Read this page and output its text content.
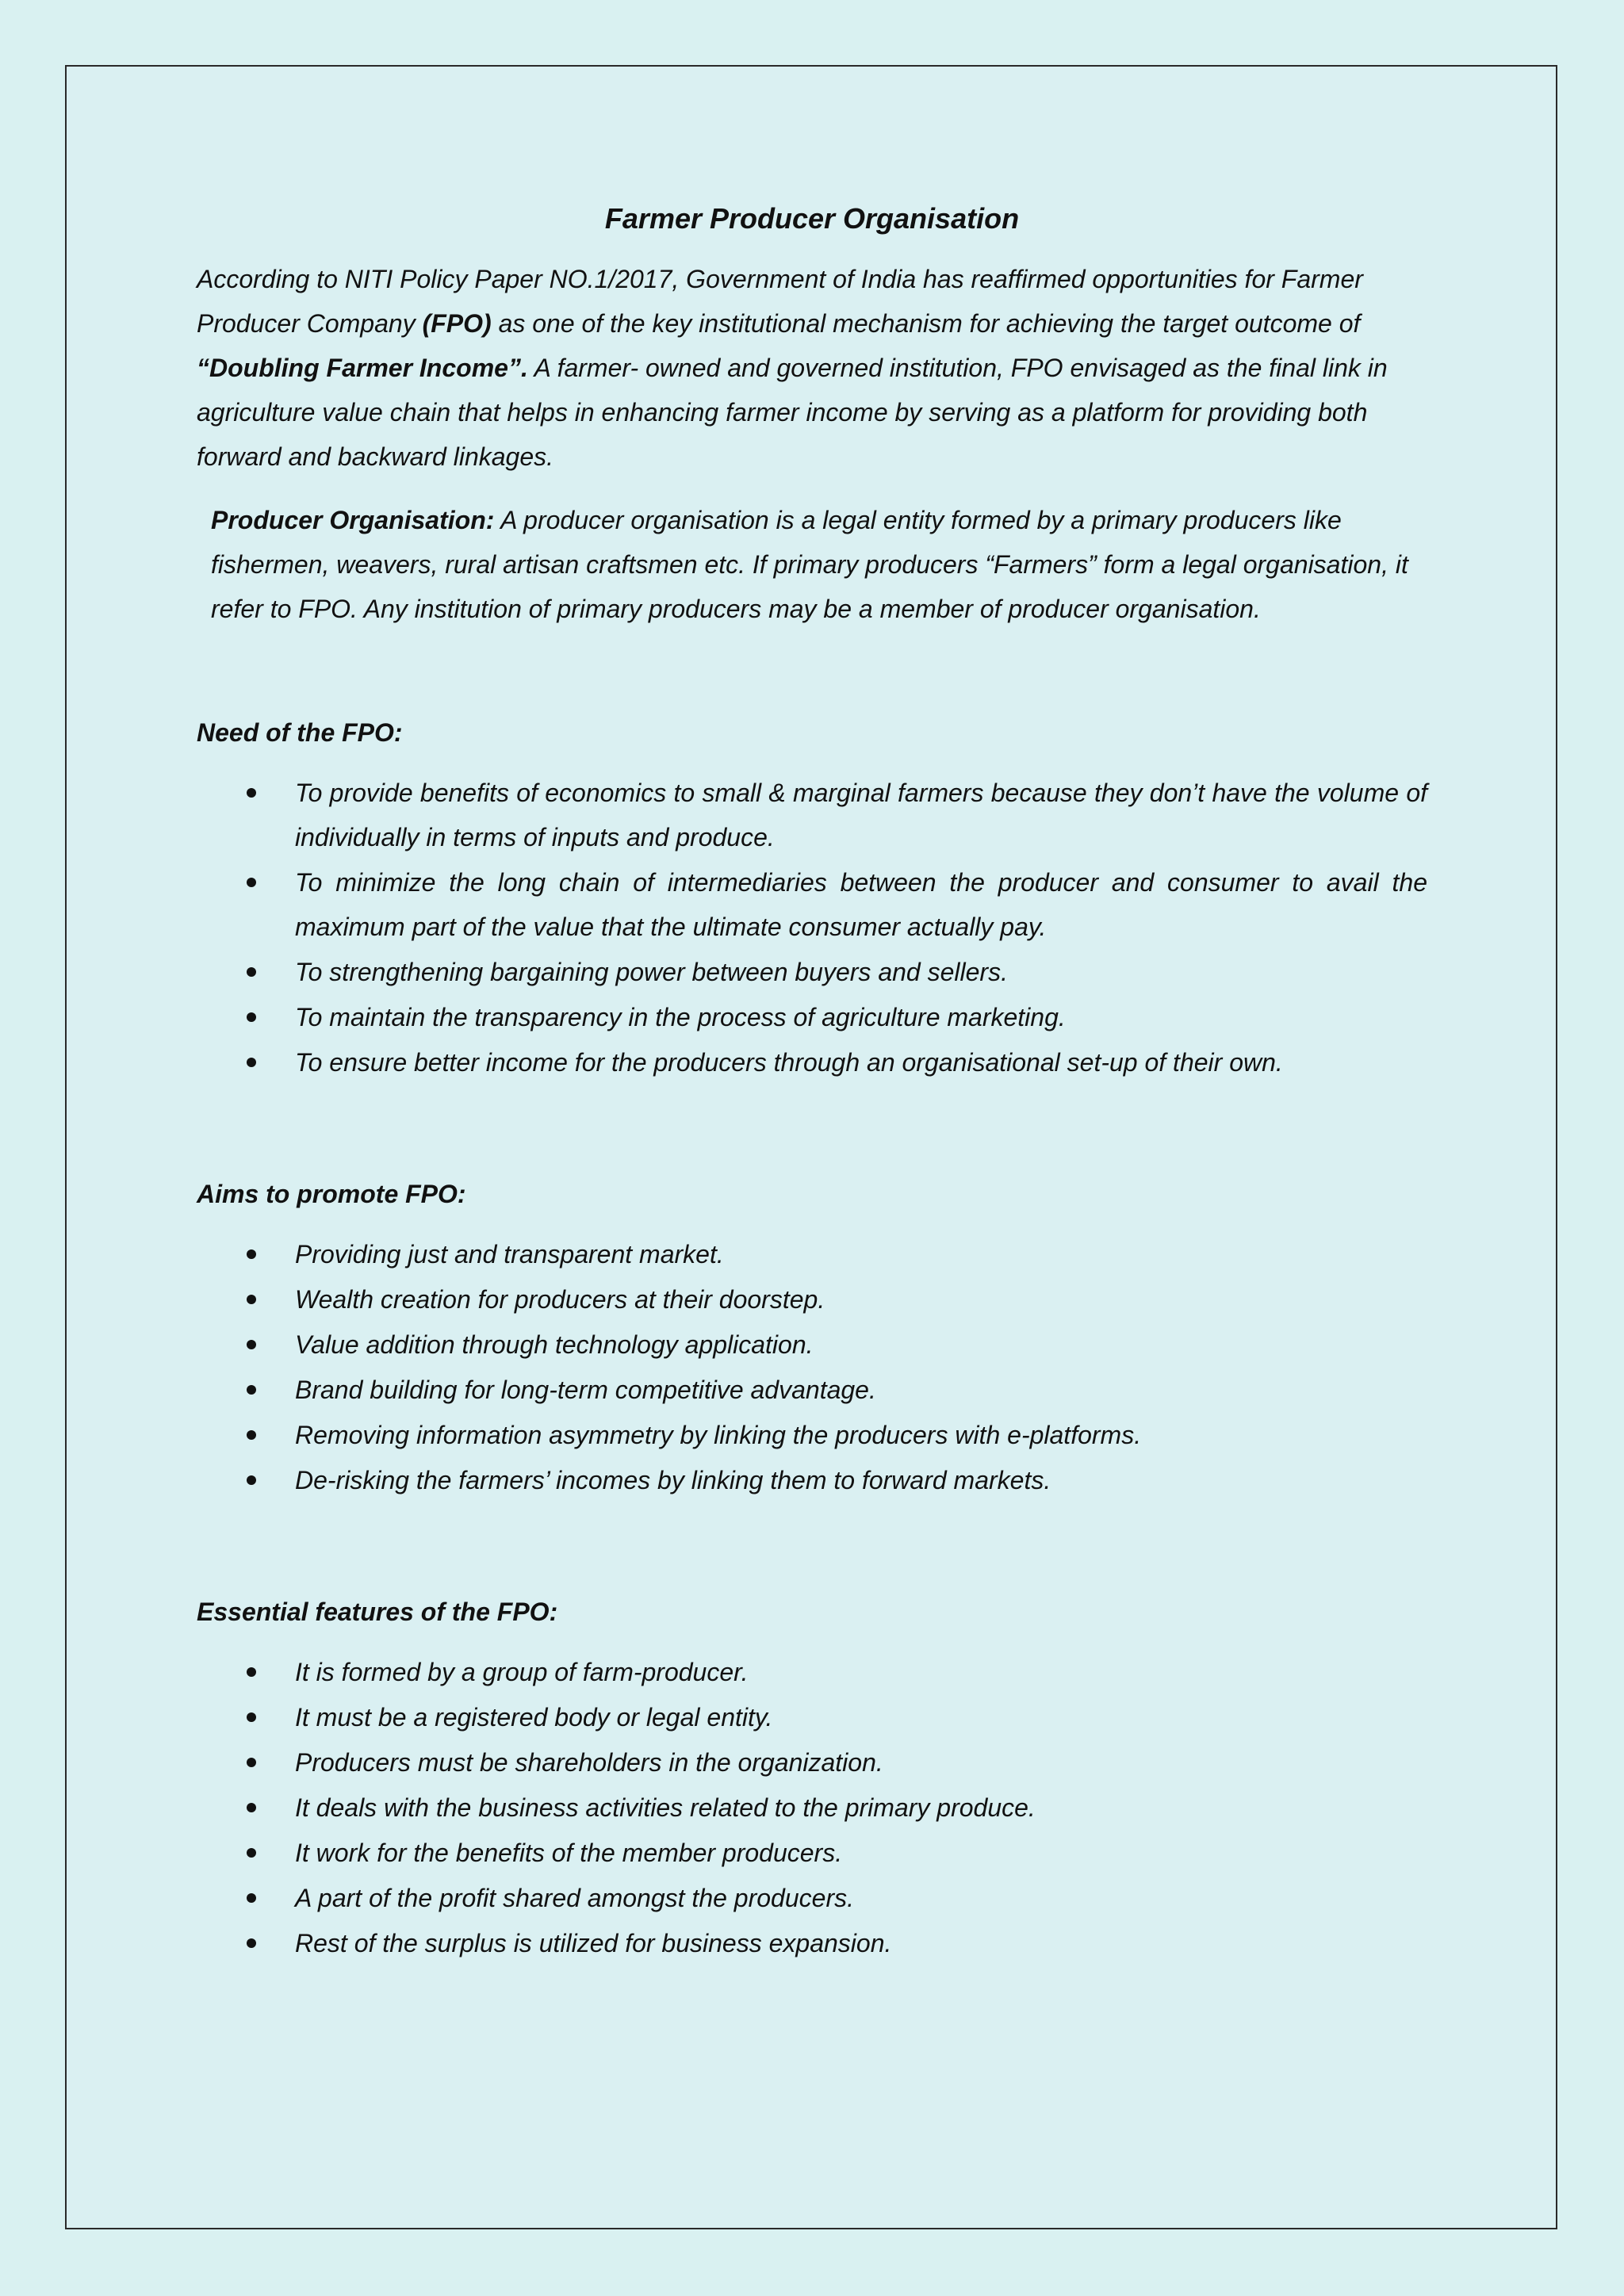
Farmer Producer Organisation

According to NITI Policy Paper NO.1/2017, Government of India has reaffirmed opportunities for Farmer Producer Company (FPO) as one of the key institutional mechanism for achieving the target outcome of “Doubling Farmer Income”. A farmer- owned and governed institution, FPO envisaged as the final link in agriculture value chain that helps in enhancing farmer income by serving as a platform for providing both forward and backward linkages.

Producer Organisation: A producer organisation is a legal entity formed by a primary producers like fishermen, weavers, rural artisan craftsmen etc. If primary producers “Farmers” form a legal organisation, it refer to FPO. Any institution of primary producers may be a member of producer organisation.

Need of the FPO:
To provide benefits of economics to small & marginal farmers because they don’t have the volume of individually in terms of inputs and produce.
To minimize the long chain of intermediaries between the producer and consumer to avail the maximum part of the value that the ultimate consumer actually pay.
To strengthening bargaining power between buyers and sellers.
To maintain the transparency in the process of agriculture marketing.
To ensure better income for the producers through an organisational set-up of their own.
Aims to promote FPO:
Providing just and transparent market.
Wealth creation for producers at their doorstep.
Value addition through technology application.
Brand building for long-term competitive advantage.
Removing information asymmetry by linking the producers with e-platforms.
De-risking the farmers’ incomes by linking them to forward markets.
Essential features of the FPO:
It is formed by a group of farm-producer.
It must be a registered body or legal entity.
Producers must be shareholders in the organization.
It deals with the business activities related to the primary produce.
It work for the benefits of the member producers.
A part of the profit shared amongst the producers.
Rest of the surplus is utilized for business expansion.
